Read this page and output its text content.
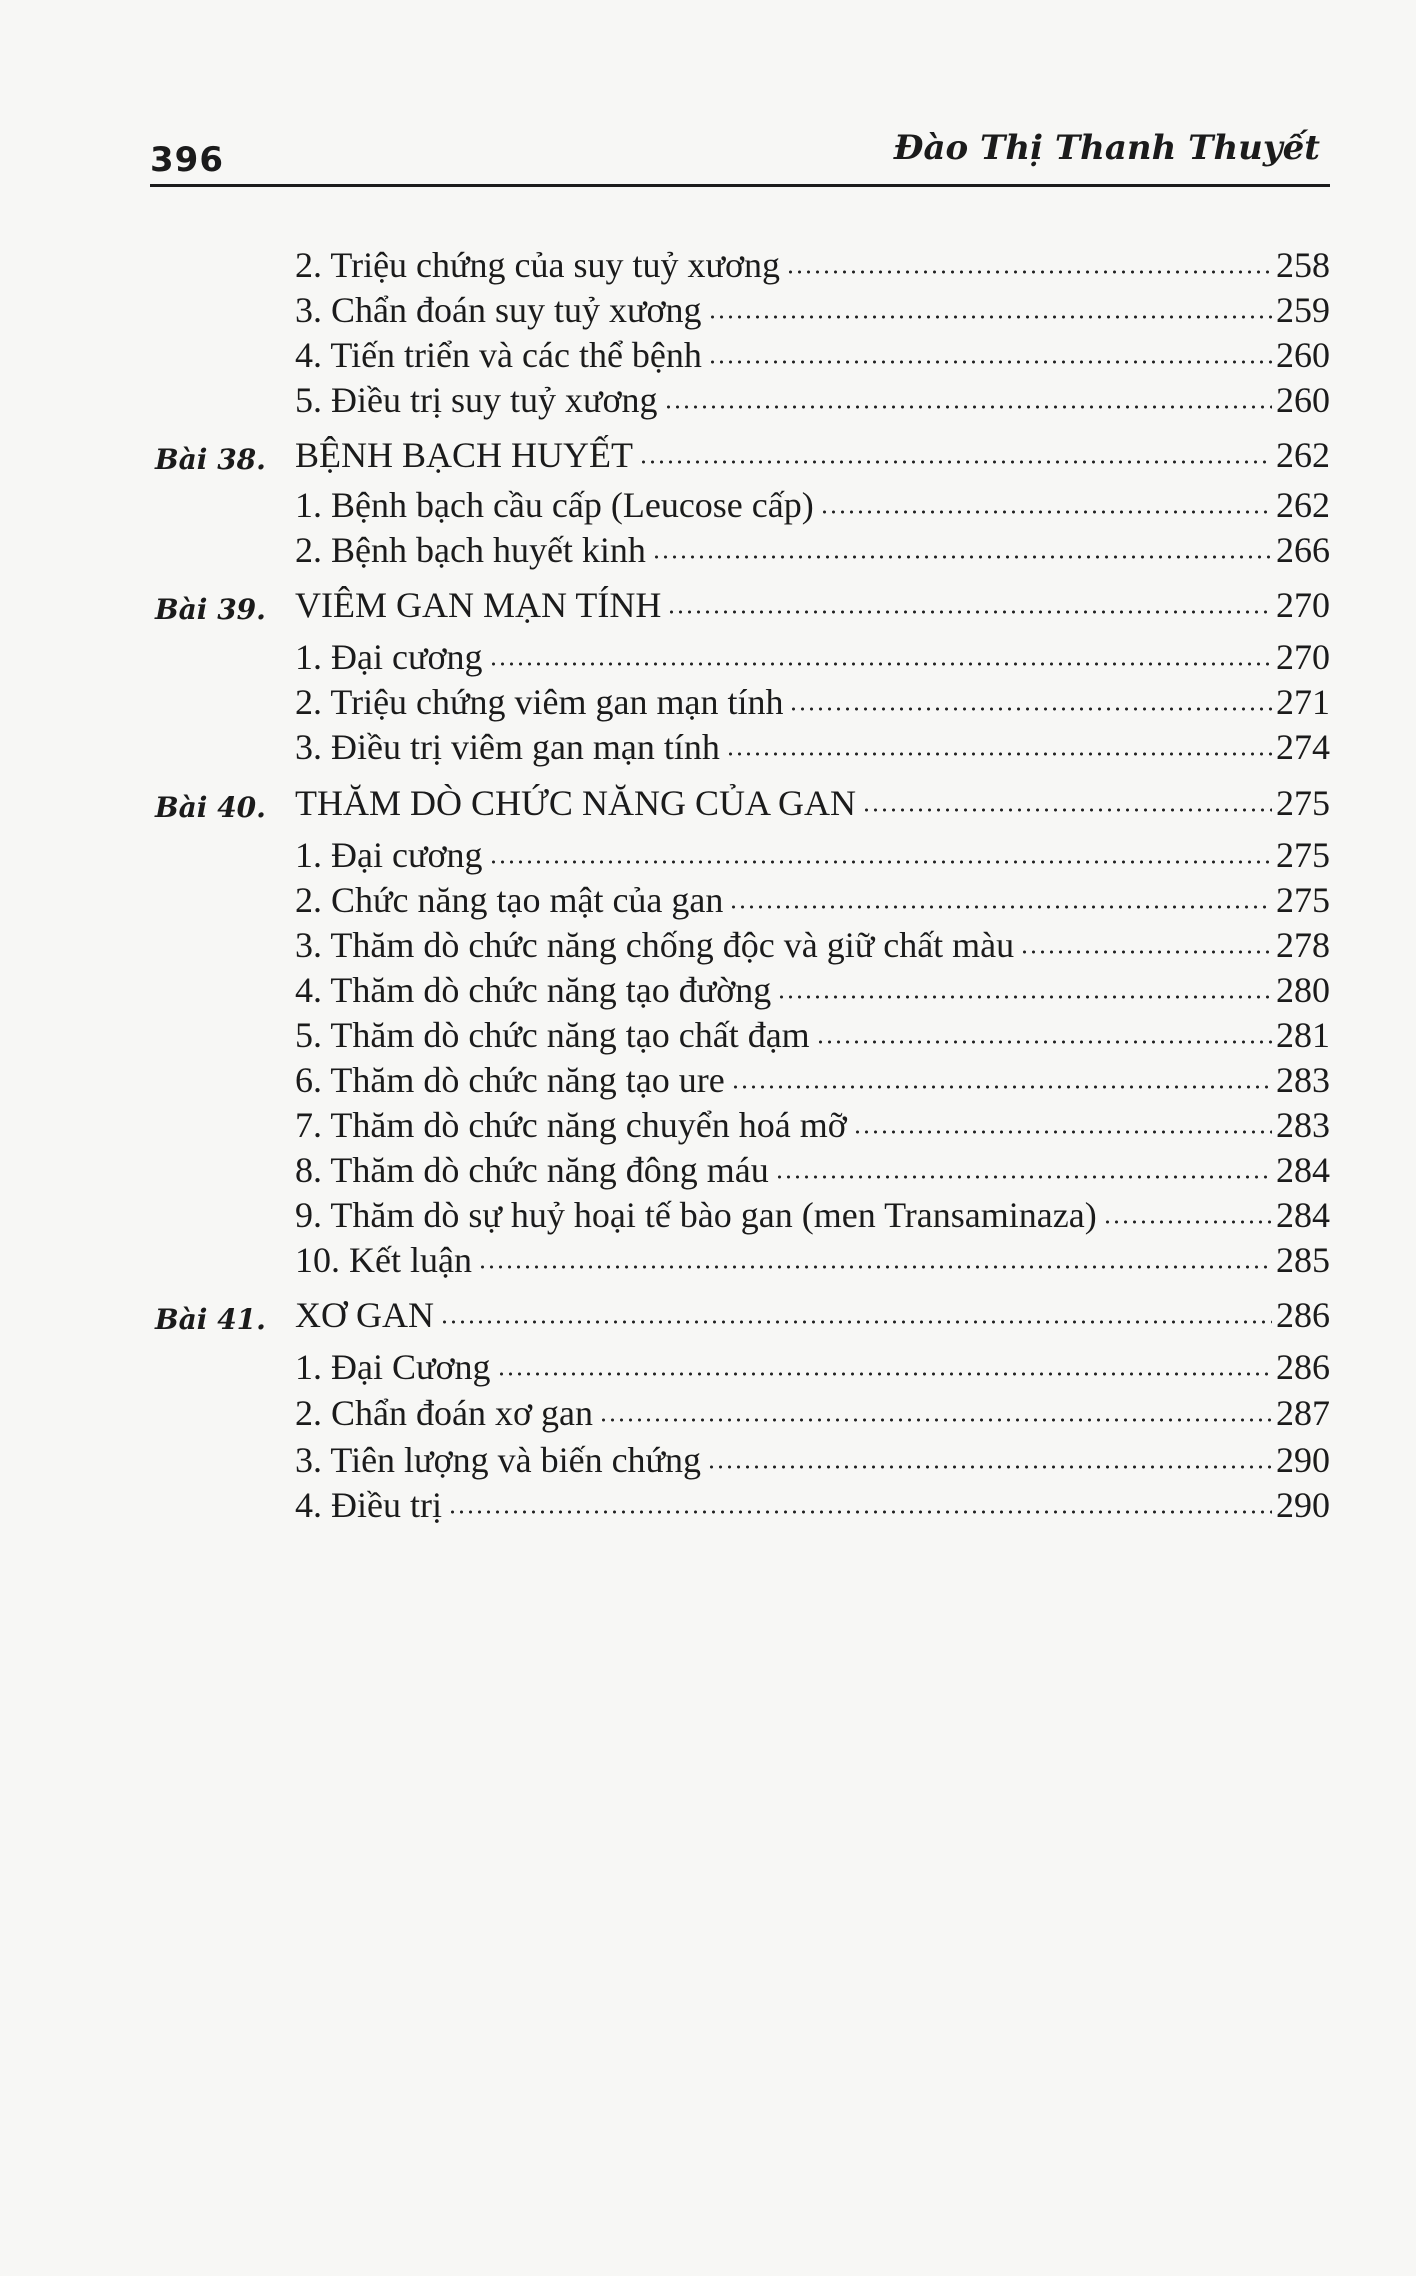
396	Đào Thị Thanh Thuyết
2. Triệu chứng của suy tuỷ xương	258
3. Chẩn đoán suy tuỷ xương	259
4. Tiến triển và các thể bệnh	260
5. Điều trị suy tuỷ xương	260
Bài 38. BỆNH BẠCH HUYẾT	262
1. Bệnh bạch cầu cấp (Leucose cấp)	262
2. Bệnh bạch huyết kinh	266
Bài 39. VIÊM GAN MẠN TÍNH	270
1. Đại cương	270
2. Triệu chứng viêm gan mạn tính	271
3. Điều trị viêm gan mạn tính	274
Bài 40. THĂM DÒ CHỨC NĂNG CỦA GAN	275
1. Đại cương	275
2. Chức năng tạo mật của gan	275
3. Thăm dò chức năng chống độc và giữ chất màu	278
4. Thăm dò chức năng tạo đường	280
5. Thăm dò chức năng tạo chất đạm	281
6. Thăm dò chức năng tạo ure	283
7. Thăm dò chức năng chuyển hoá mỡ	283
8. Thăm dò chức năng đông máu	284
9. Thăm dò sự huỷ hoại tế bào gan (men Transaminaza)	284
10. Kết luận	285
Bài 41. XƠ GAN	286
1. Đại Cương	286
2. Chẩn đoán xơ gan	287
3. Tiên lượng và biến chứng	290
4. Điều trị	290
